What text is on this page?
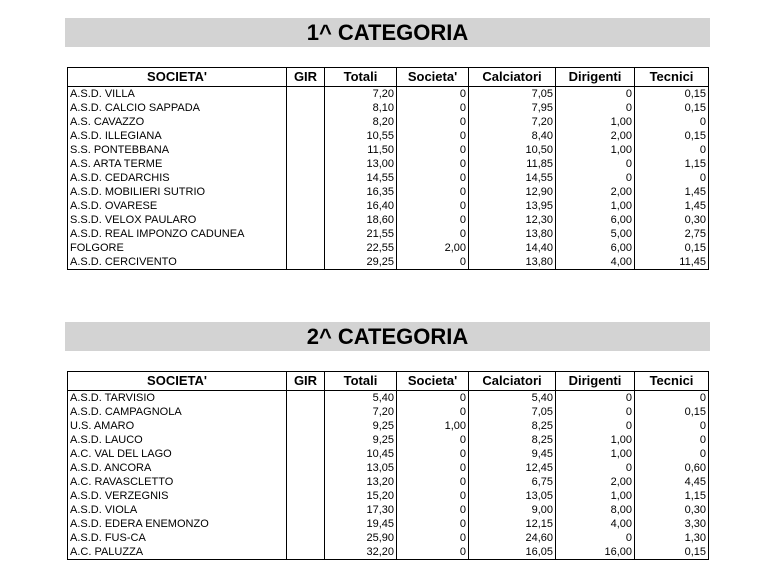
1^ CATEGORIA
SOCIETA'	GIR	Totali	Societa'	Calciatori	Dirigenti	Tecnici
A.S.D. VILLA		7,20	0	7,05	0	0,15
A.S.D. CALCIO SAPPADA		8,10	0	7,95	0	0,15
A.S. CAVAZZO		8,20	0	7,20	1,00	0
A.S.D. ILLEGIANA		10,55	0	8,40	2,00	0,15
S.S. PONTEBBANA		11,50	0	10,50	1,00	0
A.S. ARTA TERME		13,00	0	11,85	0	1,15
A.S.D. CEDARCHIS		14,55	0	14,55	0	0
A.S.D. MOBILIERI SUTRIO		16,35	0	12,90	2,00	1,45
A.S.D. OVARESE		16,40	0	13,95	1,00	1,45
S.S.D. VELOX PAULARO		18,60	0	12,30	6,00	0,30
A.S.D. REAL IMPONZO CADUNEA		21,55	0	13,80	5,00	2,75
FOLGORE		22,55	2,00	14,40	6,00	0,15
A.S.D. CERCIVENTO		29,25	0	13,80	4,00	11,45
2^ CATEGORIA
SOCIETA'	GIR	Totali	Societa'	Calciatori	Dirigenti	Tecnici
A.S.D. TARVISIO		5,40	0	5,40	0	0
A.S.D. CAMPAGNOLA		7,20	0	7,05	0	0,15
U.S. AMARO		9,25	1,00	8,25	0	0
A.S.D. LAUCO		9,25	0	8,25	1,00	0
A.C. VAL DEL LAGO		10,45	0	9,45	1,00	0
A.S.D. ANCORA		13,05	0	12,45	0	0,60
A.C. RAVASCLETTO		13,20	0	6,75	2,00	4,45
A.S.D. VERZEGNIS		15,20	0	13,05	1,00	1,15
A.S.D. VIOLA		17,30	0	9,00	8,00	0,30
A.S.D. EDERA ENEMONZO		19,45	0	12,15	4,00	3,30
A.S.D. FUS-CA		25,90	0	24,60	0	1,30
A.C. PALUZZA		32,20	0	16,05	16,00	0,15
